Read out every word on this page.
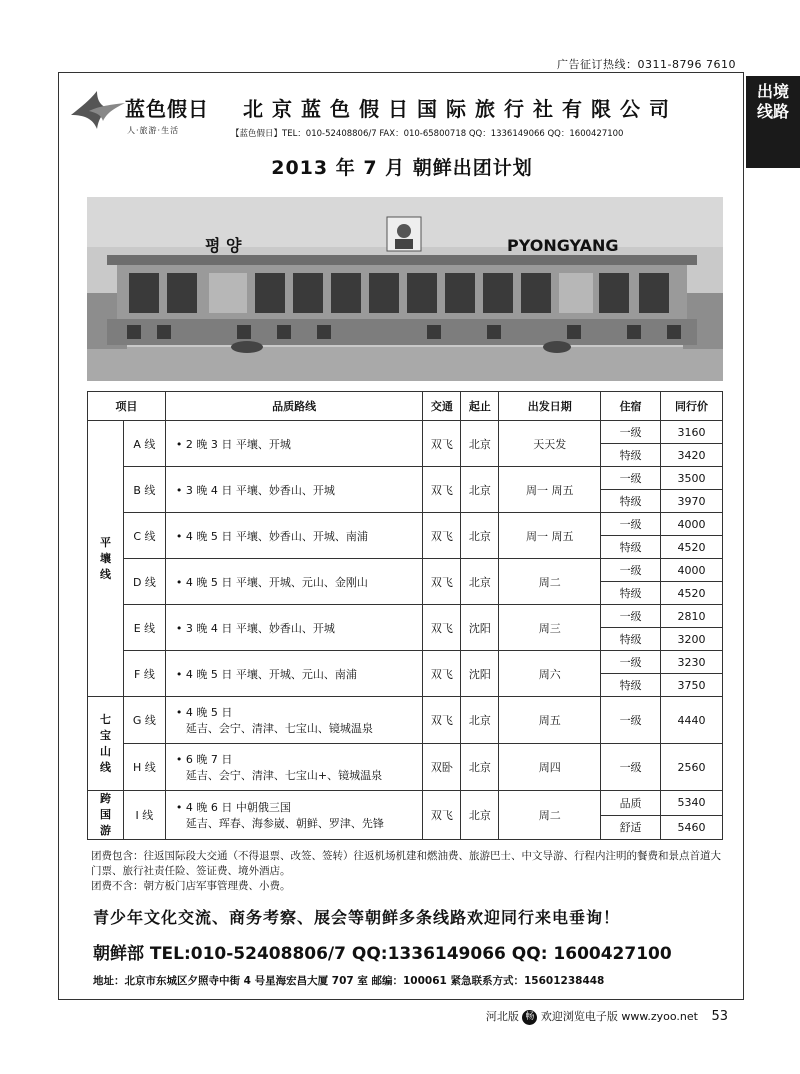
广告征订热线：0311-8796 7610
出境
线路
蓝色假日
人·旅游·生活
北京蓝色假日国际旅行社有限公司
【蓝色假日】TEL：010-52408806/7 FAX：010-65800718 QQ：1336149066 QQ：1600427100
2013 年 7 月 朝鲜出团计划
평 양	PYONGYANG
项目		品质路线	交通	起止	出发日期	住宿	同行价
平壤线	A 线	• 2 晚 3 日 平壤、开城	双飞	北京	天天发	一级	3160
						特级	3420
	B 线	• 3 晚 4 日 平壤、妙香山、开城	双飞	北京	周一 周五	一级	3500
						特级	3970
	C 线	• 4 晚 5 日 平壤、妙香山、开城、南浦	双飞	北京	周一 周五	一级	4000
						特级	4520
	D 线	• 4 晚 5 日 平壤、开城、元山、金刚山	双飞	北京	周二	一级	4000
						特级	4520
	E 线	• 3 晚 4 日 平壤、妙香山、开城	双飞	沈阳	周三	一级	2810
						特级	3200
	F 线	• 4 晚 5 日 平壤、开城、元山、南浦	双飞	沈阳	周六	一级	3230
						特级	3750
七宝山线	G 线	• 4 晚 5 日
延吉、会宁、清津、七宝山、镜城温泉	双飞	北京	周五	一级	4440
	H 线	• 6 晚 7 日
延吉、会宁、清津、七宝山+、镜城温泉	双卧	北京	周四	一级	2560
跨国游	I 线	• 4 晚 6 日 中朝俄三国
延吉、珲春、海参崴、朝鲜、罗津、先锋	双飞	北京	周二	品质	5340
						舒适	5460
团费包含：往返国际段大交通（不得退票、改签、签转）往返机场机建和燃油费、旅游巴士、中文导游、行程内注明的餐费和景点首道大门票、旅行社责任险、签证费、境外酒店。
团费不含：朝方板门店军事管理费、小费。
青少年文化交流、商务考察、展会等朝鲜多条线路欢迎同行来电垂询！
朝鲜部 TEL:010-52408806/7 QQ:1336149066 QQ: 1600427100
地址：北京市东城区夕照寺中街 4 号星海宏昌大厦 707 室 邮编：100061 紧急联系方式：15601238448
河北版 畅 欢迎浏览电子版 www.zyoo.net 53
